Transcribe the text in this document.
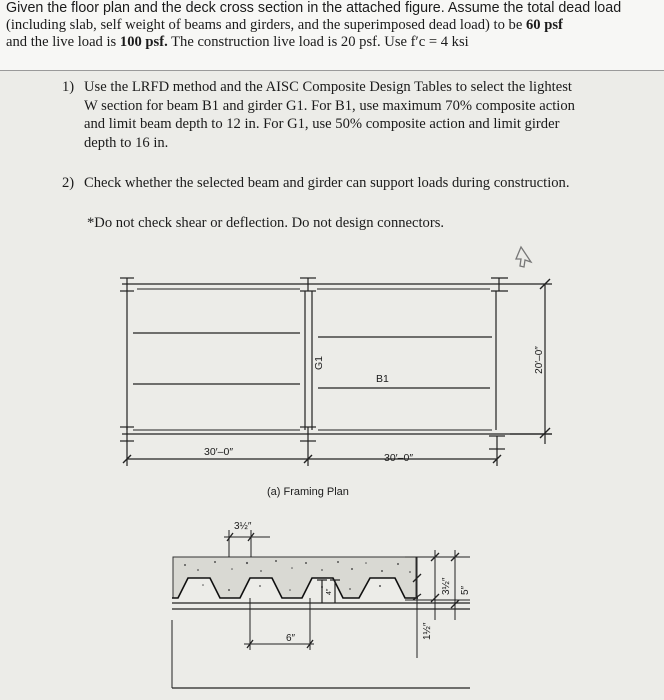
Given the floor plan and the deck cross section in the attached figure. Assume the total dead load
(including slab, self weight of beams and girders, and the superimposed dead load) to be 60 psf
and the live load is 100 psf. The construction live load is 20 psf. Use f′c = 4 ksi
1) Use the LRFD method and the AISC Composite Design Tables to select the lightest
W section for beam B1 and girder G1. For B1, use maximum 70% composite action
and limit beam depth to 12 in. For G1, use 50% composite action and limit girder
depth to 16 in.
2) Check whether the selected beam and girder can support loads during construction.
*Do not check shear or deflection. Do not design connectors.
G1
B1
30′–0″	30′–0″
20′–0″
(a) Framing Plan
3½″
6″	1½″
3½″ 5″
4″
